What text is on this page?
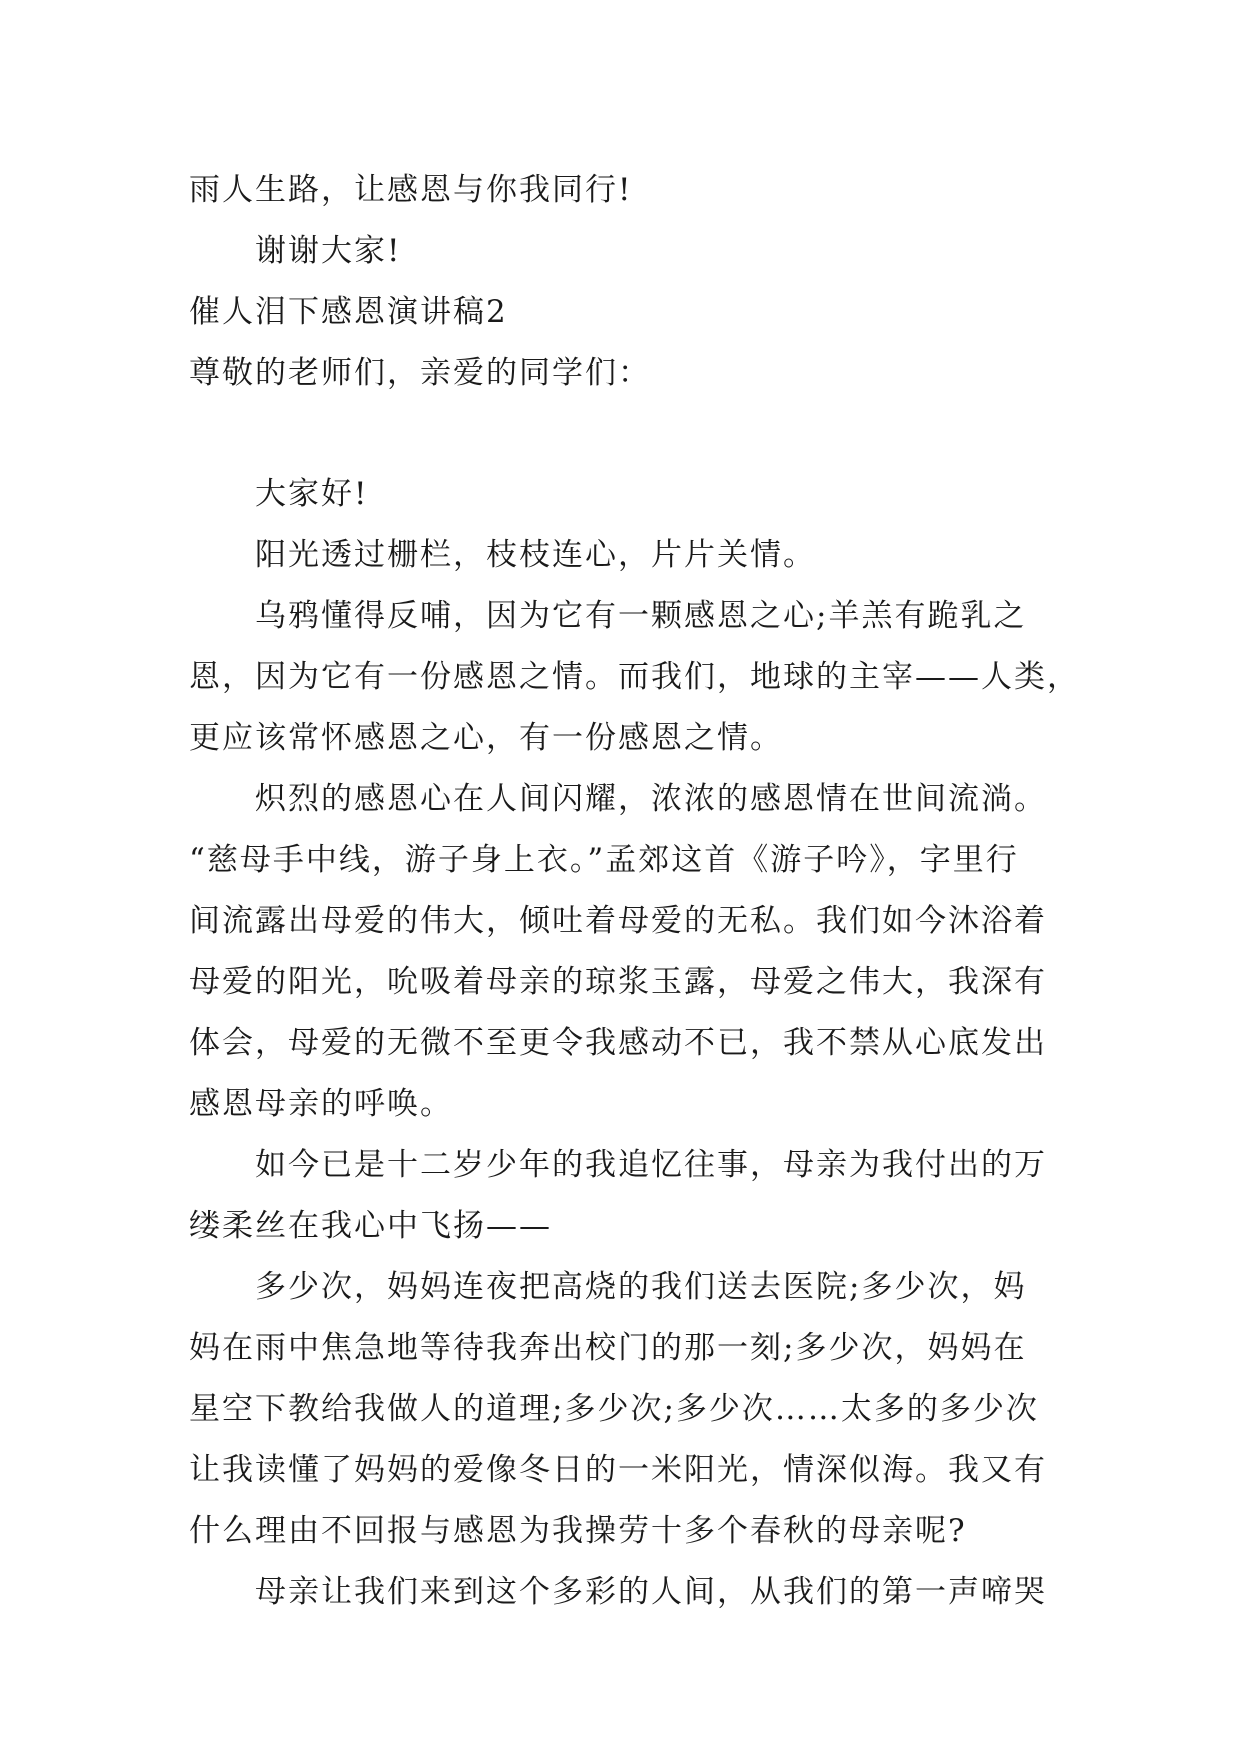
雨人生路，让感恩与你我同行!
谢谢大家!
催人泪下感恩演讲稿2
尊敬的老师们，亲爱的同学们：
大家好!
阳光透过栅栏，枝枝连心，片片关情。
乌鸦懂得反哺，因为它有一颗感恩之心;羊羔有跪乳之
恩，因为它有一份感恩之情。而我们，地球的主宰——人类，
更应该常怀感恩之心，有一份感恩之情。
炽烈的感恩心在人间闪耀，浓浓的感恩情在世间流淌。
“慈母手中线，游子身上衣。”孟郊这首《游子吟》，字里行
间流露出母爱的伟大，倾吐着母爱的无私。我们如今沐浴着
母爱的阳光，吮吸着母亲的琼浆玉露，母爱之伟大，我深有
体会，母爱的无微不至更令我感动不已，我不禁从心底发出
感恩母亲的呼唤。
如今已是十二岁少年的我追忆往事，母亲为我付出的万
缕柔丝在我心中飞扬——
多少次，妈妈连夜把高烧的我们送去医院;多少次，妈
妈在雨中焦急地等待我奔出校门的那一刻;多少次，妈妈在
星空下教给我做人的道理;多少次;多少次……太多的多少次
让我读懂了妈妈的爱像冬日的一米阳光，情深似海。我又有
什么理由不回报与感恩为我操劳十多个春秋的母亲呢?
母亲让我们来到这个多彩的人间，从我们的第一声啼哭
